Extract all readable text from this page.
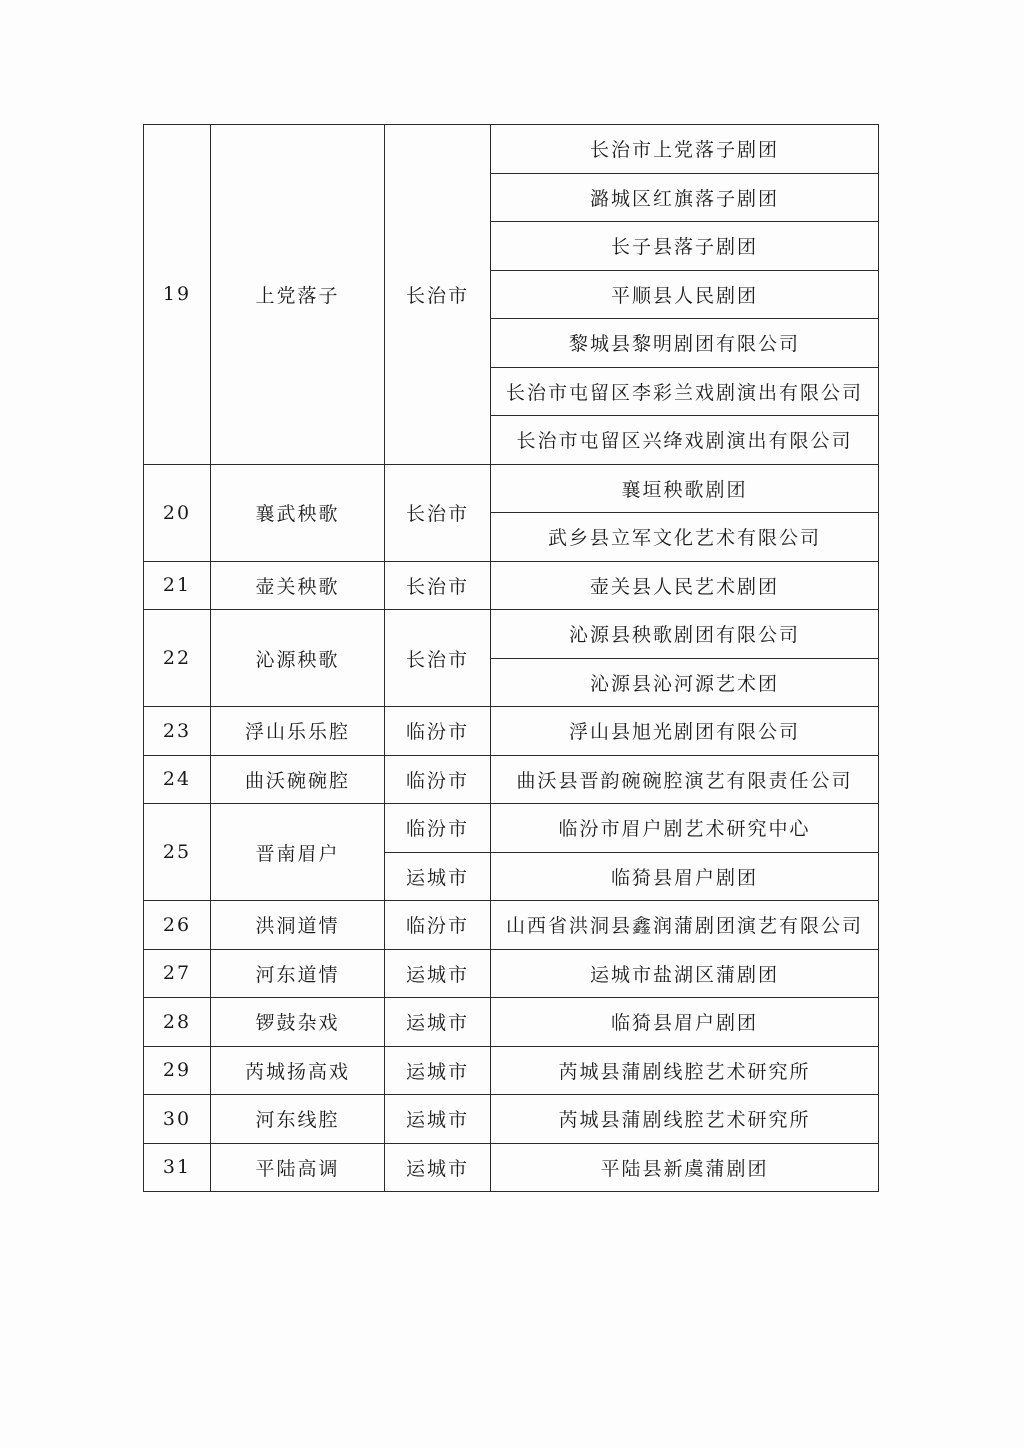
19	上党落子	长治市	长治市上党落子剧团
			潞城区红旗落子剧团
			长子县落子剧团
			平顺县人民剧团
			黎城县黎明剧团有限公司
			长治市屯留区李彩兰戏剧演出有限公司
			长治市屯留区兴绛戏剧演出有限公司
20	襄武秧歌	长治市	襄垣秧歌剧团
			武乡县立军文化艺术有限公司
21	壶关秧歌	长治市	壶关县人民艺术剧团
22	沁源秧歌	长治市	沁源县秧歌剧团有限公司
			沁源县沁河源艺术团
23	浮山乐乐腔	临汾市	浮山县旭光剧团有限公司
24	曲沃碗碗腔	临汾市	曲沃县晋韵碗碗腔演艺有限责任公司
25	晋南眉户	临汾市	临汾市眉户剧艺术研究中心
		运城市	临猗县眉户剧团
26	洪洞道情	临汾市	山西省洪洞县鑫润蒲剧团演艺有限公司
27	河东道情	运城市	运城市盐湖区蒲剧团
28	锣鼓杂戏	运城市	临猗县眉户剧团
29	芮城扬高戏	运城市	芮城县蒲剧线腔艺术研究所
30	河东线腔	运城市	芮城县蒲剧线腔艺术研究所
31	平陆高调	运城市	平陆县新虞蒲剧团
